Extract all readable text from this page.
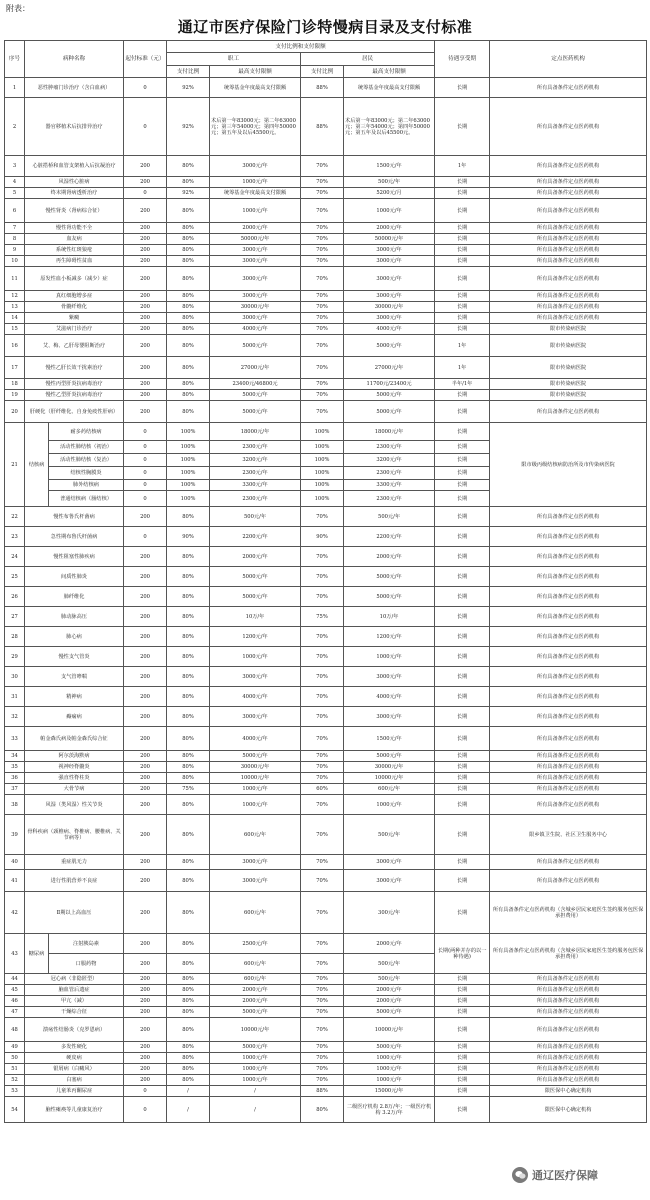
附表：
通辽市医疗保险门诊特慢病目录及支付标准
序号	病种名称		起付标准（元）	支付比例和支付限额				待遇享受期	定点医药机构
				职工		居民			
				支付比例	最高支付限额	支付比例	最高支付限额		
1	恶性肿瘤门诊治疗（含白血病）		0	92%	统筹基金年度最高支付限额	88%	统筹基金年度最高支付限额	长期	所有具备条件定点医药机构
2	器官移植术后抗排异治疗		0	92%	术后第一年83000元；第二年63000元；第三年54000元；第四年50000元；第五年及以后45500元。	88%	术后第一年83000元；第二年63000元；第三年54000元；第四年50000元；第五年及以后45500元。	长期	所有具备条件定点医药机构
3	心脏搭桥和血管支架植入后抗凝治疗		200	80%	3000元/年	70%	1500元/年	1年	所有具备条件定点医药机构
4	风湿性心脏病		200	80%	1000元/年	70%	500元/年	长期	所有具备条件定点医药机构
5	终末期肾病透析治疗		0	92%	统筹基金年度最高支付限额	70%	5200元/月	长期	所有具备条件定点医药机构
6	慢性肾炎（肾病综合征）		200	80%	1000元/年	70%	1000元/年	长期	所有具备条件定点医药机构
7	慢性肾功能不全		200	80%	2000元/年	70%	2000元/年	长期	所有具备条件定点医药机构
8	血友病		200	80%	50000元/年	70%	50000元/年	长期	所有具备条件定点医药机构
9	系统性红斑狼疮		200	80%	3000元/年	70%	3000元/年	长期	所有具备条件定点医药机构
10	再生障碍性贫血		200	80%	3000元/年	70%	3000元/年	长期	所有具备条件定点医药机构
11	原发性血小板减多（减少）症		200	80%	3000元/年	70%	3000元/年	长期	所有具备条件定点医药机构
12	真红细胞增多症		200	80%	3000元/年	70%	3000元/年	长期	所有具备条件定点医药机构
13	骨髓纤维化		200	80%	30000元/年	70%	30000元/年	长期	所有具备条件定点医药机构
14	紫癜		200	80%	3000元/年	70%	3000元/年	长期	所有具备条件定点医药机构
15	艾滋病门诊治疗		200	80%	4000元/年	70%	4000元/年	长期	限市传染病医院
16	艾、梅、乙肝母婴阻断治疗		200	80%	5000元/年	70%	5000元/年	1年	限市传染病医院
17	慢性乙肝长效干扰素治疗		200	80%	27000元/年	70%	27000元/年	1年	限市传染病医院
18	慢性丙型肝炎抗病毒治疗		200	80%	23400元/46800元	70%	11700元/23400元	半年/1年	限市传染病医院
19	慢性乙型肝炎抗病毒治疗		200	80%	5000元/年	70%	5000元/年	长期	限市传染病医院
20	肝硬化（肝纤维化、自身免疫性肝病）		200	80%	5000元/年	70%	5000元/年	长期	所有具备条件定点医药机构
21	结核病	耐多药结核病	0	100%	18000元/年	100%	18000元/年	长期	限市级丙级结核病防治所及市传染病医院
		活动性肺结核（初治）	0	100%	2300元/年	100%	2300元/年	长期	
		活动性肺结核（复治）	0	100%	3200元/年	100%	3200元/年	长期	
		结核性胸膜炎	0	100%	2300元/年	100%	2300元/年	长期	
		肺外结核病	0	100%	3300元/年	100%	3300元/年	长期	
		普通结核病（肠结核）	0	100%	2300元/年	100%	2300元/年	长期	
22	慢性布鲁氏杆菌病		200	80%	500元/年	70%	500元/年	长期	所有具备条件定点医药机构
23	急性期布鲁氏杆菌病		0	90%	2200元/年	90%	2200元/年	长期	所有具备条件定点医药机构
24	慢性阻塞性肺疾病		200	80%	2000元/年	70%	2000元/年	长期	所有具备条件定点医药机构
25	间质性肺炎		200	80%	5000元/年	70%	5000元/年	长期	所有具备条件定点医药机构
26	肺纤维化		200	80%	5000元/年	70%	5000元/年	长期	所有具备条件定点医药机构
27	肺动脉高压		200	80%	10万/年	75%	10万/年	长期	所有具备条件定点医药机构
28	肺心病		200	80%	1200元/年	70%	1200元/年	长期	所有具备条件定点医药机构
29	慢性支气管炎		200	80%	1000元/年	70%	1000元/年	长期	所有具备条件定点医药机构
30	支气管哮喘		200	80%	3000元/年	70%	3000元/年	长期	所有具备条件定点医药机构
31	精神病		200	80%	4000元/年	70%	4000元/年	长期	所有具备条件定点医药机构
32	癫痫病		200	80%	3000元/年	70%	3000元/年	长期	所有具备条件定点医药机构
33	帕金森氏病及帕金森氏综合征		200	80%	4000元/年	70%	1500元/年	长期	所有具备条件定点医药机构
34	阿尔茨海默病		200	80%	5000元/年	70%	5000元/年	长期	所有具备条件定点医药机构
35	视神经脊髓炎		200	80%	30000元/年	70%	30000元/年	长期	所有具备条件定点医药机构
36	强直性脊柱炎		200	80%	10000元/年	70%	10000元/年	长期	所有具备条件定点医药机构
37	大骨节病		200	75%	1000元/年	60%	600元/年	长期	所有具备条件定点医药机构
38	风湿（类风湿）性关节炎		200	80%	1000元/年	70%	1000元/年	长期	所有具备条件定点医药机构
39	骨科疾病（颈椎病、脊椎病、腰椎病、关节病等）		200	80%	600元/年	70%	500元/年	长期	限乡镇卫生院、社区卫生服务中心
40	重症肌无力		200	80%	3000元/年	70%	3000元/年	长期	所有具备条件定点医药机构
41	进行性肌营养不良症		200	80%	3000元/年	70%	3000元/年	长期	所有具备条件定点医药机构
42	Ⅱ期以上高血压		200	80%	600元/年	70%	300元/年	长期	所有具备条件定点医药机构（含城乡居民家庭医生签约服务包医保承担费用）
43	糖尿病	注射胰岛素	200	80%	2500元/年	70%	2000元/年	长期(两种并存的以一种待遇)	所有具备条件定点医药机构（含城乡居民家庭医生签约服务包医保承担费用）
		口服药物	200	80%	600元/年	70%	500元/年		
44	冠心病（非隐匿型）		200	80%	600元/年	70%	500元/年	长期	所有具备条件定点医药机构
45	脑血管后遗症		200	80%	2000元/年	70%	2000元/年	长期	所有具备条件定点医药机构
46	甲亢（减）		200	80%	2000元/年	70%	2000元/年	长期	所有具备条件定点医药机构
47	干燥综合征		200	80%	5000元/年	70%	5000元/年	长期	所有具备条件定点医药机构
48	溃疡性结肠炎（克罗恩病）		200	80%	10000元/年	70%	10000元/年	长期	所有具备条件定点医药机构
49	多发性硬化		200	80%	5000元/年	70%	5000元/年	长期	所有具备条件定点医药机构
50	硬皮病		200	80%	1000元/年	70%	1000元/年	长期	所有具备条件定点医药机构
51	银屑病（白癜风）		200	80%	1000元/年	70%	1000元/年	长期	所有具备条件定点医药机构
52	白塞病		200	80%	1000元/年	70%	1000元/年	长期	所有具备条件定点医药机构
53	儿童苯丙酮尿症		0	/	/	88%	15000元/年	长期	限医保中心确定机构
54	脑性瘫痪等儿童康复治疗		0	/	/	80%	二级医疗机构 2.8万/年；一级医疗机构 3.2万/年	长期	限医保中心确定机构
通辽医疗保障
